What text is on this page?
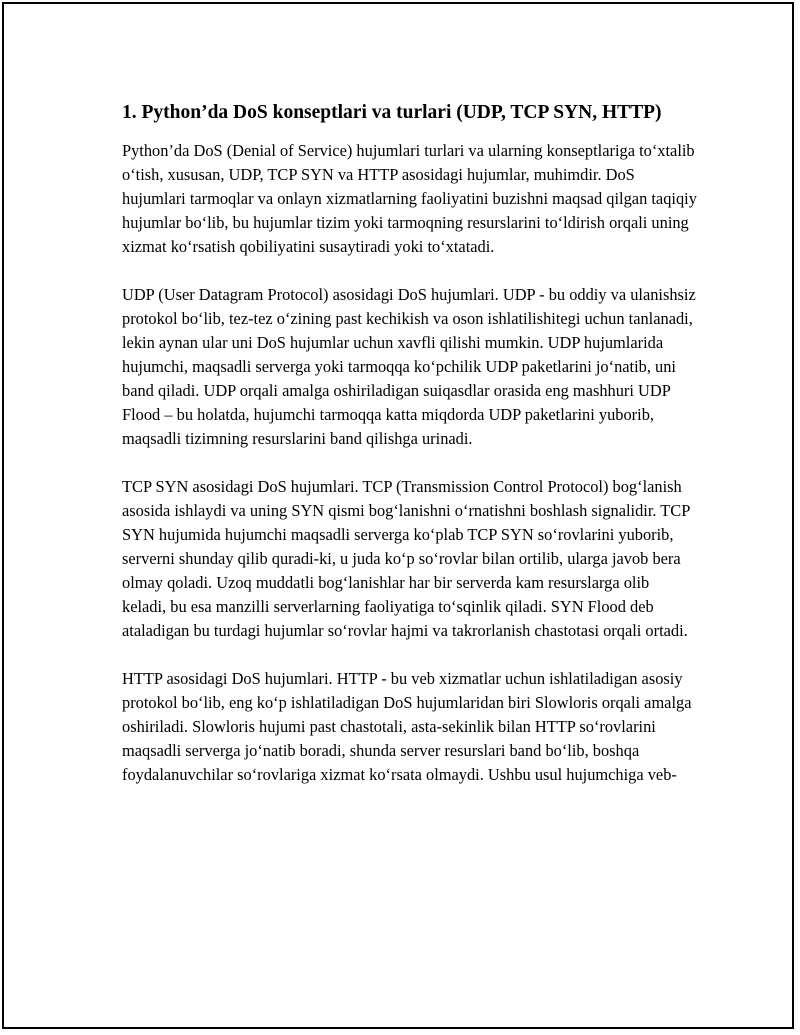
1. Python’da DoS konseptlari va turlari (UDP, TCP SYN, HTTP)

Python’da DoS (Denial of Service) hujumlari turlari va ularning konseptlariga toʻxtalib oʻtish, xususan, UDP, TCP SYN va HTTP asosidagi hujumlar, muhimdir. DoS hujumlari tarmoqlar va onlayn xizmatlarning faoliyatini buzishni maqsad qilgan taqiqiy hujumlar boʻlib, bu hujumlar tizim yoki tarmoqning resurslarini toʻldirish orqali uning xizmat koʻrsatish qobiliyatini susaytiradi yoki toʻxtatadi.

UDP (User Datagram Protocol) asosidagi DoS hujumlari. UDP - bu oddiy va ulanishsiz protokol boʻlib, tez-tez oʻzining past kechikish va oson ishlatilishitegi uchun tanlanadi, lekin aynan ular uni DoS hujumlar uchun xavfli qilishi mumkin. UDP hujumlarida hujumchi, maqsadli serverga yoki tarmoqqa koʻpchilik UDP paketlarini joʻnatib, uni band qiladi. UDP orqali amalga oshiriladigan suiqasdlar orasida eng mashhuri UDP Flood – bu holatda, hujumchi tarmoqqa katta miqdorda UDP paketlarini yuborib, maqsadli tizimning resurslarini band qilishga urinadi.

TCP SYN asosidagi DoS hujumlari. TCP (Transmission Control Protocol) bogʻlanish asosida ishlaydi va uning SYN qismi bogʻlanishni oʻrnatishni boshlash signalidir. TCP SYN hujumida hujumchi maqsadli serverga koʻplab TCP SYN soʻrovlarini yuborib, serverni shunday qilib quradi-ki, u juda koʻp soʻrovlar bilan ortilib, ularga javob bera olmay qoladi. Uzoq muddatli bogʻlanishlar har bir serverda kam resurslarga olib keladi, bu esa manzilli serverlarning faoliyatiga toʻsqinlik qiladi. SYN Flood deb ataladigan bu turdagi hujumlar soʻrovlar hajmi va takrorlanish chastotasi orqali ortadi.

HTTP asosidagi DoS hujumlari. HTTP - bu veb xizmatlar uchun ishlatiladigan asosiy protokol boʻlib, eng koʻp ishlatiladigan DoS hujumlaridan biri Slowloris orqali amalga oshiriladi. Slowloris hujumi past chastotali, asta-sekinlik bilan HTTP soʻrovlarini maqsadli serverga joʻnatib boradi, shunda server resurslari band boʻlib, boshqa foydalanuvchilar soʻrovlariga xizmat koʻrsata olmaydi. Ushbu usul hujumchiga veb-
